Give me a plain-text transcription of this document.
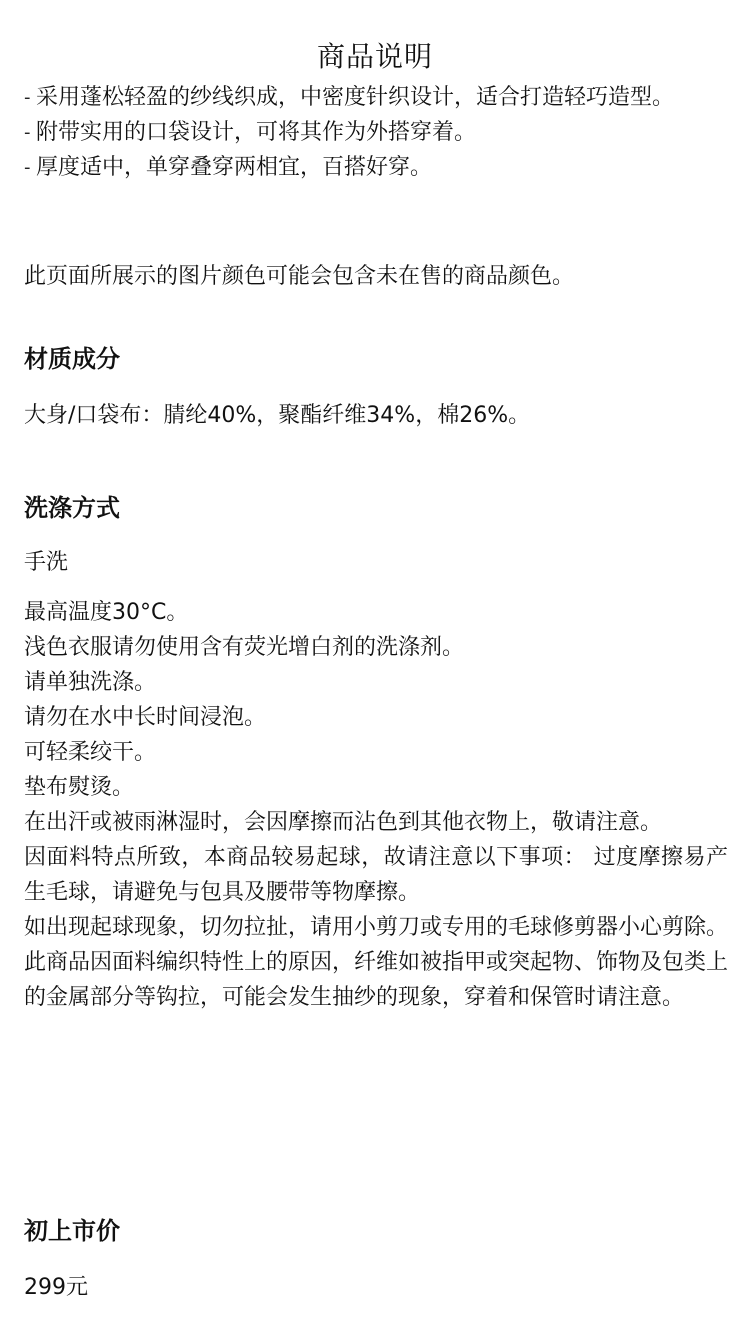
商品说明
- 采用蓬松轻盈的纱线织成，中密度针织设计，适合打造轻巧造型。
- 附带实用的口袋设计，可将其作为外搭穿着。
- 厚度适中，单穿叠穿两相宜，百搭好穿。

此页面所展示的图片颜色可能会包含未在售的商品颜色。

材质成分

大身/口袋布：腈纶40%，聚酯纤维34%，棉26%。

洗涤方式

手洗

最高温度30°C。
浅色衣服请勿使用含有荧光增白剂的洗涤剂。
请单独洗涤。
请勿在水中长时间浸泡。
可轻柔绞干。
垫布熨烫。
在出汗或被雨淋湿时，会因摩擦而沾色到其他衣物上，敬请注意。
因面料特点所致，本商品较易起球，故请注意以下事项： 过度摩擦易产生毛球，请避免与包具及腰带等物摩擦。
如出现起球现象，切勿拉扯，请用小剪刀或专用的毛球修剪器小心剪除。
此商品因面料编织特性上的原因，纤维如被指甲或突起物、饰物及包类上的金属部分等钩拉，可能会发生抽纱的现象，穿着和保管时请注意。
初上市价

299元
